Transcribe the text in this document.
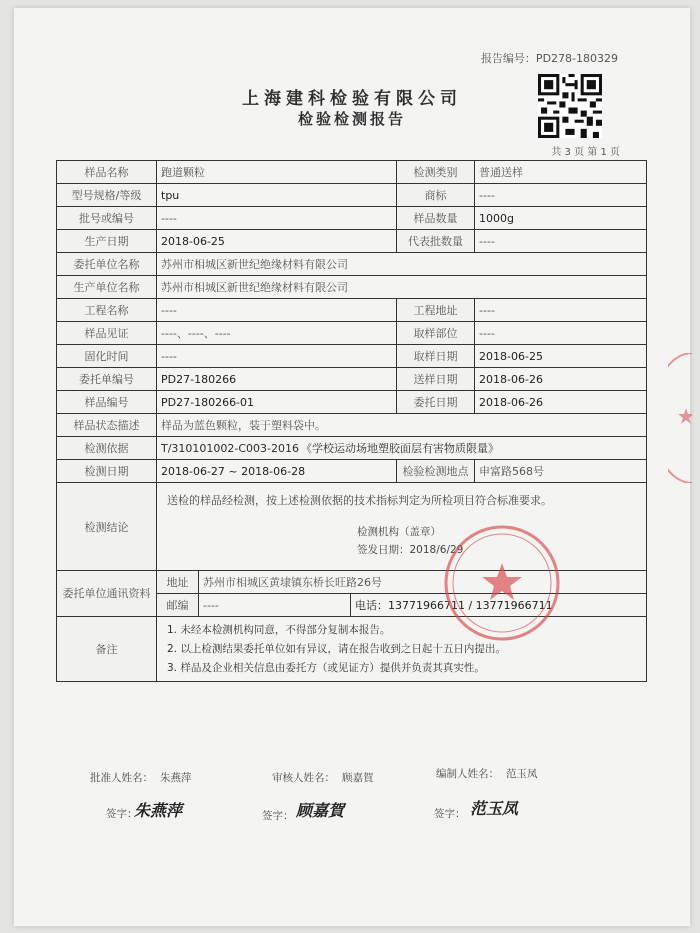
报告编号：PD278-180329
共 3 页 第 1 页
上海建科检验有限公司
检验检测报告
样品名称	跑道颗粒			检测类别	普通送样
型号规格/等级	tpu			商标	----
批号或编号	----			样品数量	1000g
生产日期	2018-06-25			代表批数量	----
委托单位名称	苏州市相城区新世纪绝缘材料有限公司				
生产单位名称	苏州市相城区新世纪绝缘材料有限公司				
工程名称	----			工程地址	----
样品见证	----、----、----			取样部位	----
固化时间	----			取样日期	2018-06-25
委托单编号	PD27-180266			送样日期	2018-06-26
样品编号	PD27-180266-01			委托日期	2018-06-26
样品状态描述	样品为蓝色颗粒，装于塑料袋中。				
检测依据	T/310101002-C003-2016 《学校运动场地塑胶面层有害物质限量》				
检测日期	2018-06-27 ~ 2018-06-28			检验检测地点	申富路568号
检测结论	送检的样品经检测，按上述检测依据的技术指标判定为所检项目符合标准要求。
检测机构（盖章）
签发日期：2018/6/29				

委托单位通讯资料	地址	苏州市相城区黄埭镇东桥长旺路26号			
	邮编	----	电话：13771966711 / 13771966711		
备注	1. 未经本检测机构同意，不得部分复制本报告。
2. 以上检测结果委托单位如有异议，请在报告收到之日起十五日内提出。
3. 样品及企业相关信息由委托方（或见证方）提供并负责其真实性。				
批准人姓名： 朱燕萍	审核人姓名： 顾嘉賀	编制人姓名： 范玉凤
签字：
朱燕萍	签字： 顾嘉賀	签字： 范玉凤
